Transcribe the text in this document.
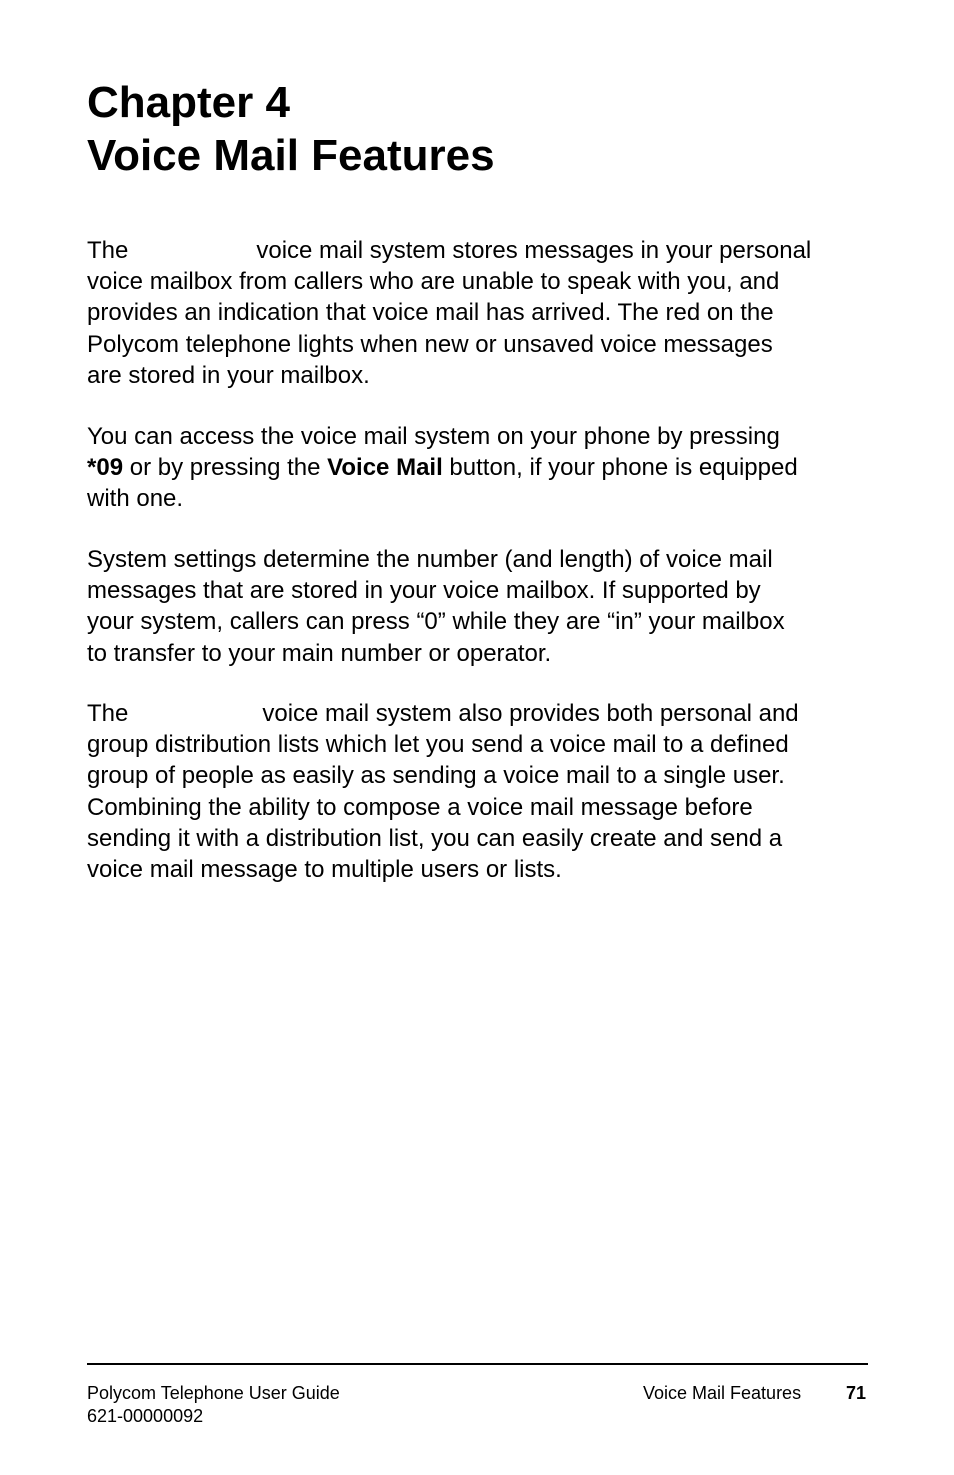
Chapter 4
Voice Mail Features

The	voice mail system stores messages in your personal
voice mailbox from callers who are unable to speak with you, and
provides an indication that voice mail has arrived. The red on the
Polycom telephone lights when new or unsaved voice messages
are stored in your mailbox.

You can access the voice mail system on your phone by pressing
*09 or by pressing the Voice Mail button, if your phone is equipped
with one.

System settings determine the number (and length) of voice mail
messages that are stored in your voice mailbox. If supported by
your system, callers can press “0” while they are “in” your mailbox
to transfer to your main number or operator.

The	voice mail system also provides both personal and
group distribution lists which let you send a voice mail to a defined
group of people as easily as sending a voice mail to a single user.
Combining the ability to compose a voice mail message before
sending it with a distribution list, you can easily create and send a
voice mail message to multiple users or lists.

Polycom Telephone User Guide
621-00000092
Voice Mail Features 71
